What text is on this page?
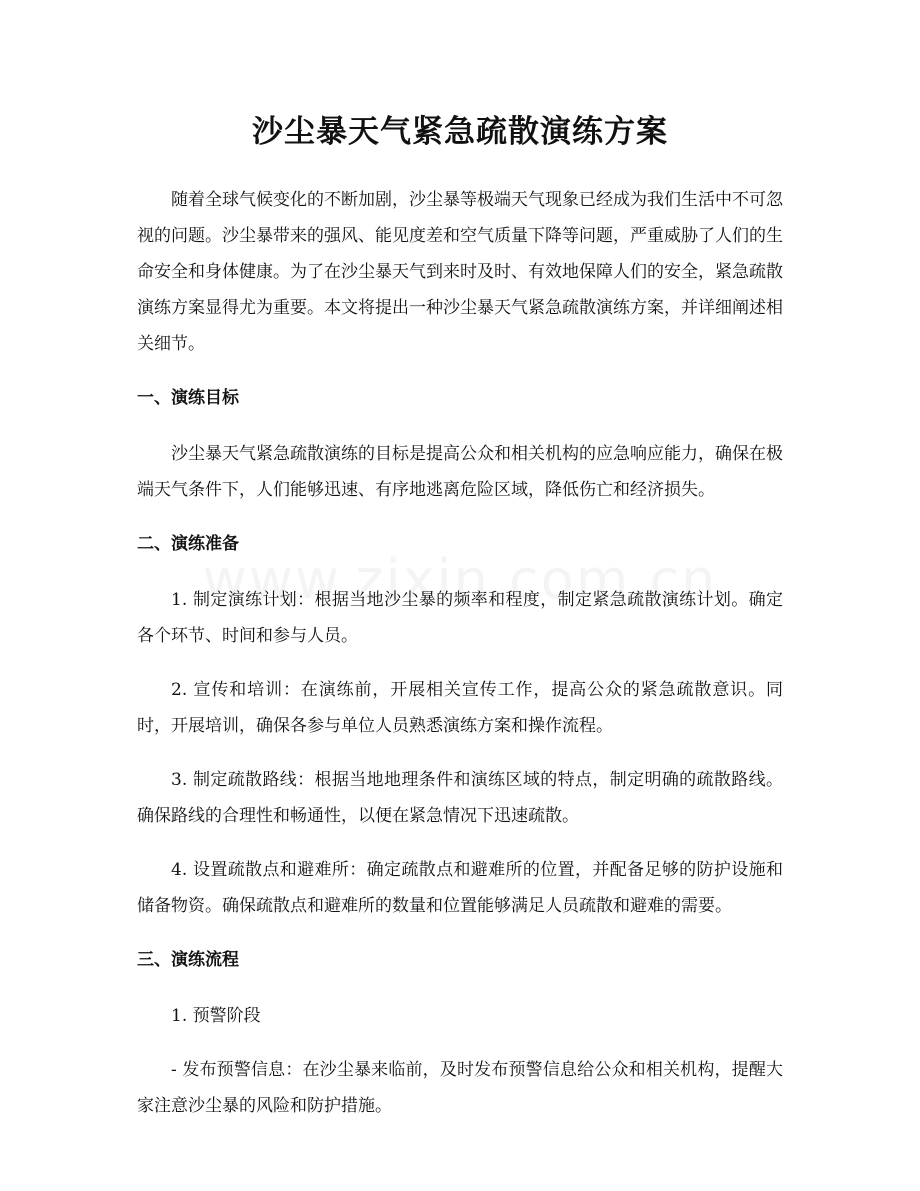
沙尘暴天气紧急疏散演练方案

随着全球气候变化的不断加剧，沙尘暴等极端天气现象已经成为我们生活中不可忽视的问题。沙尘暴带来的强风、能见度差和空气质量下降等问题，严重威胁了人们的生命安全和身体健康。为了在沙尘暴天气到来时及时、有效地保障人们的安全，紧急疏散演练方案显得尤为重要。本文将提出一种沙尘暴天气紧急疏散演练方案，并详细阐述相关细节。

一、演练目标

沙尘暴天气紧急疏散演练的目标是提高公众和相关机构的应急响应能力，确保在极端天气条件下，人们能够迅速、有序地逃离危险区域，降低伤亡和经济损失。

二、演练准备

1. 制定演练计划：根据当地沙尘暴的频率和程度，制定紧急疏散演练计划。确定各个环节、时间和参与人员。

2. 宣传和培训：在演练前，开展相关宣传工作，提高公众的紧急疏散意识。同时，开展培训，确保各参与单位人员熟悉演练方案和操作流程。

3. 制定疏散路线：根据当地地理条件和演练区域的特点，制定明确的疏散路线。确保路线的合理性和畅通性，以便在紧急情况下迅速疏散。

4. 设置疏散点和避难所：确定疏散点和避难所的位置，并配备足够的防护设施和储备物资。确保疏散点和避难所的数量和位置能够满足人员疏散和避难的需要。

三、演练流程

1. 预警阶段

- 发布预警信息：在沙尘暴来临前，及时发布预警信息给公众和相关机构，提醒大家注意沙尘暴的风险和防护措施。
